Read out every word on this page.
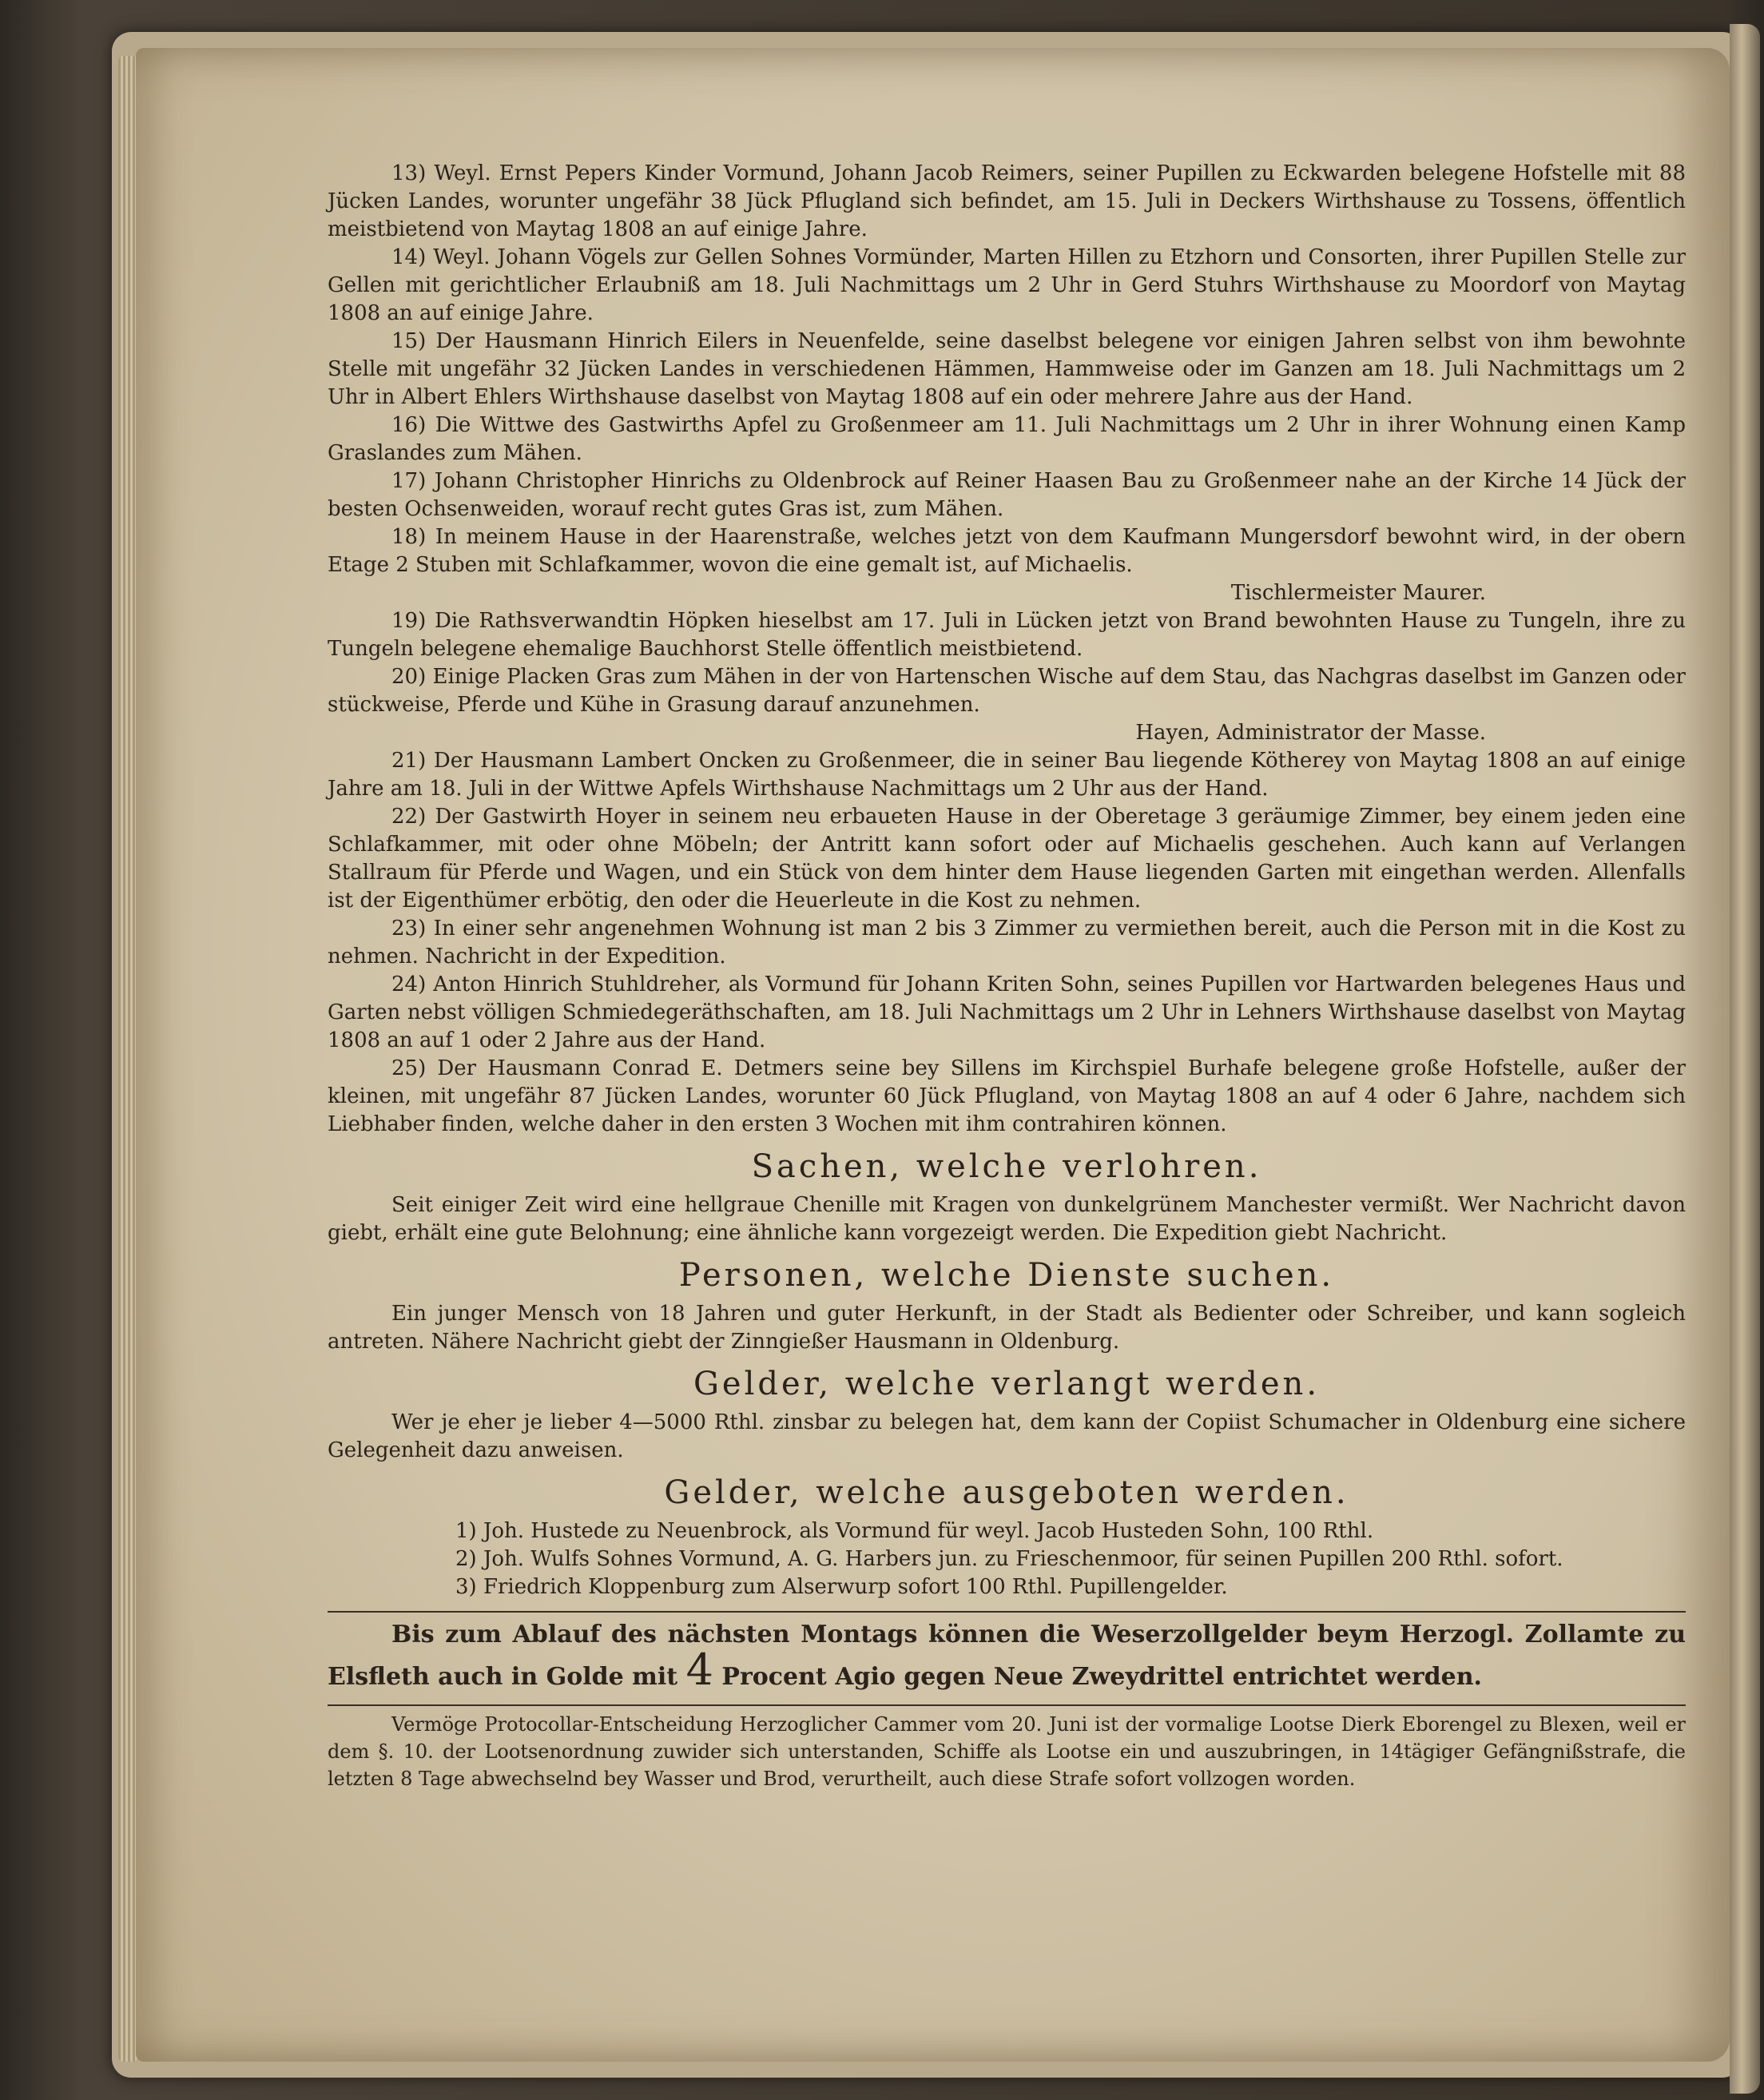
13) Weyl. Ernst Pepers Kinder Vormund, Johann Jacob Reimers, seiner Pupillen zu Eckwarden belegene Hofstelle mit 88 Jücken Landes, worunter ungefähr 38 Jück Pflugland sich befindet, am 15. Juli in Deckers Wirthshause zu Tossens, öffentlich meistbietend von Maytag 1808 an auf einige Jahre.

14) Weyl. Johann Vögels zur Gellen Sohnes Vormünder, Marten Hillen zu Etzhorn und Consorten, ihrer Pupillen Stelle zur Gellen mit gerichtlicher Erlaubniß am 18. Juli Nachmittags um 2 Uhr in Gerd Stuhrs Wirthshause zu Moordorf von Maytag 1808 an auf einige Jahre.

15) Der Hausmann Hinrich Eilers in Neuenfelde, seine daselbst belegene vor einigen Jahren selbst von ihm bewohnte Stelle mit ungefähr 32 Jücken Landes in verschiedenen Hämmen, Hammweise oder im Ganzen am 18. Juli Nachmittags um 2 Uhr in Albert Ehlers Wirthshause daselbst von Maytag 1808 auf ein oder mehrere Jahre aus der Hand.

16) Die Wittwe des Gastwirths Apfel zu Großenmeer am 11. Juli Nachmittags um 2 Uhr in ihrer Wohnung einen Kamp Graslandes zum Mähen.

17) Johann Christopher Hinrichs zu Oldenbrock auf Reiner Haasen Bau zu Großenmeer nahe an der Kirche 14 Jück der besten Ochsenweiden, worauf recht gutes Gras ist, zum Mähen.

18) In meinem Hause in der Haarenstraße, welches jetzt von dem Kaufmann Mungersdorf bewohnt wird, in der obern Etage 2 Stuben mit Schlafkammer, wovon die eine gemalt ist, auf Michaelis.

Tischlermeister Maurer.

19) Die Rathsverwandtin Höpken hieselbst am 17. Juli in Lücken jetzt von Brand bewohnten Hause zu Tungeln, ihre zu Tungeln belegene ehemalige Bauchhorst Stelle öffentlich meistbietend.

20) Einige Placken Gras zum Mähen in der von Hartenschen Wische auf dem Stau, das Nachgras daselbst im Ganzen oder stückweise, Pferde und Kühe in Grasung darauf anzunehmen.

Hayen, Administrator der Masse.

21) Der Hausmann Lambert Oncken zu Großenmeer, die in seiner Bau liegende Kötherey von Maytag 1808 an auf einige Jahre am 18. Juli in der Wittwe Apfels Wirthshause Nachmittags um 2 Uhr aus der Hand.

22) Der Gastwirth Hoyer in seinem neu erbaueten Hause in der Oberetage 3 geräumige Zimmer, bey einem jeden eine Schlafkammer, mit oder ohne Möbeln; der Antritt kann sofort oder auf Michaelis geschehen. Auch kann auf Verlangen Stallraum für Pferde und Wagen, und ein Stück von dem hinter dem Hause liegenden Garten mit eingethan werden. Allenfalls ist der Eigenthümer erbötig, den oder die Heuerleute in die Kost zu nehmen.

23) In einer sehr angenehmen Wohnung ist man 2 bis 3 Zimmer zu vermiethen bereit, auch die Person mit in die Kost zu nehmen. Nachricht in der Expedition.

24) Anton Hinrich Stuhldreher, als Vormund für Johann Kriten Sohn, seines Pupillen vor Hartwarden belegenes Haus und Garten nebst völligen Schmiedegeräthschaften, am 18. Juli Nachmittags um 2 Uhr in Lehners Wirthshause daselbst von Maytag 1808 an auf 1 oder 2 Jahre aus der Hand.

25) Der Hausmann Conrad E. Detmers seine bey Sillens im Kirchspiel Burhafe belegene große Hofstelle, außer der kleinen, mit ungefähr 87 Jücken Landes, worunter 60 Jück Pflugland, von Maytag 1808 an auf 4 oder 6 Jahre, nachdem sich Liebhaber finden, welche daher in den ersten 3 Wochen mit ihm contrahiren können.

Sachen, welche verlohren.

Seit einiger Zeit wird eine hellgraue Chenille mit Kragen von dunkelgrünem Manchester vermißt. Wer Nachricht davon giebt, erhält eine gute Belohnung; eine ähnliche kann vorgezeigt werden. Die Expedition giebt Nachricht.

Personen, welche Dienste suchen.

Ein junger Mensch von 18 Jahren und guter Herkunft, in der Stadt als Bedienter oder Schreiber, und kann sogleich antreten. Nähere Nachricht giebt der Zinngießer Hausmann in Oldenburg.

Gelder, welche verlangt werden.

Wer je eher je lieber 4—5000 Rthl. zinsbar zu belegen hat, dem kann der Copiist Schumacher in Oldenburg eine sichere Gelegenheit dazu anweisen.

Gelder, welche ausgeboten werden.

1) Joh. Hustede zu Neuenbrock, als Vormund für weyl. Jacob Husteden Sohn, 100 Rthl.

2) Joh. Wulfs Sohnes Vormund, A. G. Harbers jun. zu Frieschenmoor, für seinen Pupillen 200 Rthl. sofort.

3) Friedrich Kloppenburg zum Alserwurp sofort 100 Rthl. Pupillengelder.

Bis zum Ablauf des nächsten Montags können die Weserzollgelder beym Herzogl. Zollamte zu Elsfleth auch in Golde mit 4 Procent Agio gegen Neue Zweydrittel entrichtet werden.

Vermöge Protocollar-Entscheidung Herzoglicher Cammer vom 20. Juni ist der vormalige Lootse Dierk Eborengel zu Blexen, weil er dem §. 10. der Lootsenordnung zuwider sich unterstanden, Schiffe als Lootse ein und auszubringen, in 14tägiger Gefängnißstrafe, die letzten 8 Tage abwechselnd bey Wasser und Brod, verurtheilt, auch diese Strafe sofort vollzogen worden.
